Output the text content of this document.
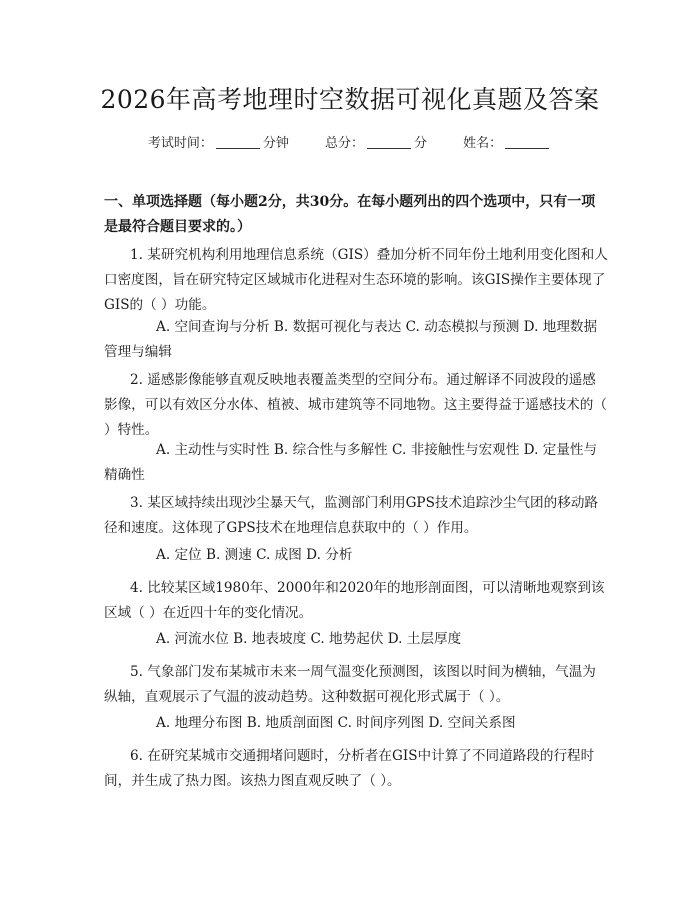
2026年高考地理时空数据可视化真题及答案
考试时间：	分钟	总分：	分	姓名：
一、单项选择题（每小题2分，共30分。在每小题列出的四个选项中，只有一项是最符合题目要求的。）
1. 某研究机构利用地理信息系统（GIS）叠加分析不同年份土地利用变化图和人口密度图，旨在研究特定区域城市化进程对生态环境的影响。该GIS操作主要体现了GIS的（ ）功能。
A. 空间查询与分析 B. 数据可视化与表达 C. 动态模拟与预测 D. 地理数据管理与编辑
2. 遥感影像能够直观反映地表覆盖类型的空间分布。通过解译不同波段的遥感影像，可以有效区分水体、植被、城市建筑等不同地物。这主要得益于遥感技术的（ ）特性。
A. 主动性与实时性 B. 综合性与多解性 C. 非接触性与宏观性 D. 定量性与精确性
3. 某区域持续出现沙尘暴天气，监测部门利用GPS技术追踪沙尘气团的移动路径和速度。这体现了GPS技术在地理信息获取中的（ ）作用。
A. 定位 B. 测速 C. 成图 D. 分析
4. 比较某区域1980年、2000年和2020年的地形剖面图，可以清晰地观察到该区域（ ）在近四十年的变化情况。
A. 河流水位 B. 地表坡度 C. 地势起伏 D. 土层厚度
5. 气象部门发布某城市未来一周气温变化预测图，该图以时间为横轴，气温为纵轴，直观展示了气温的波动趋势。这种数据可视化形式属于（ ）。
A. 地理分布图 B. 地质剖面图 C. 时间序列图 D. 空间关系图
6. 在研究某城市交通拥堵问题时，分析者在GIS中计算了不同道路段的行程时间，并生成了热力图。该热力图直观反映了（ ）。
